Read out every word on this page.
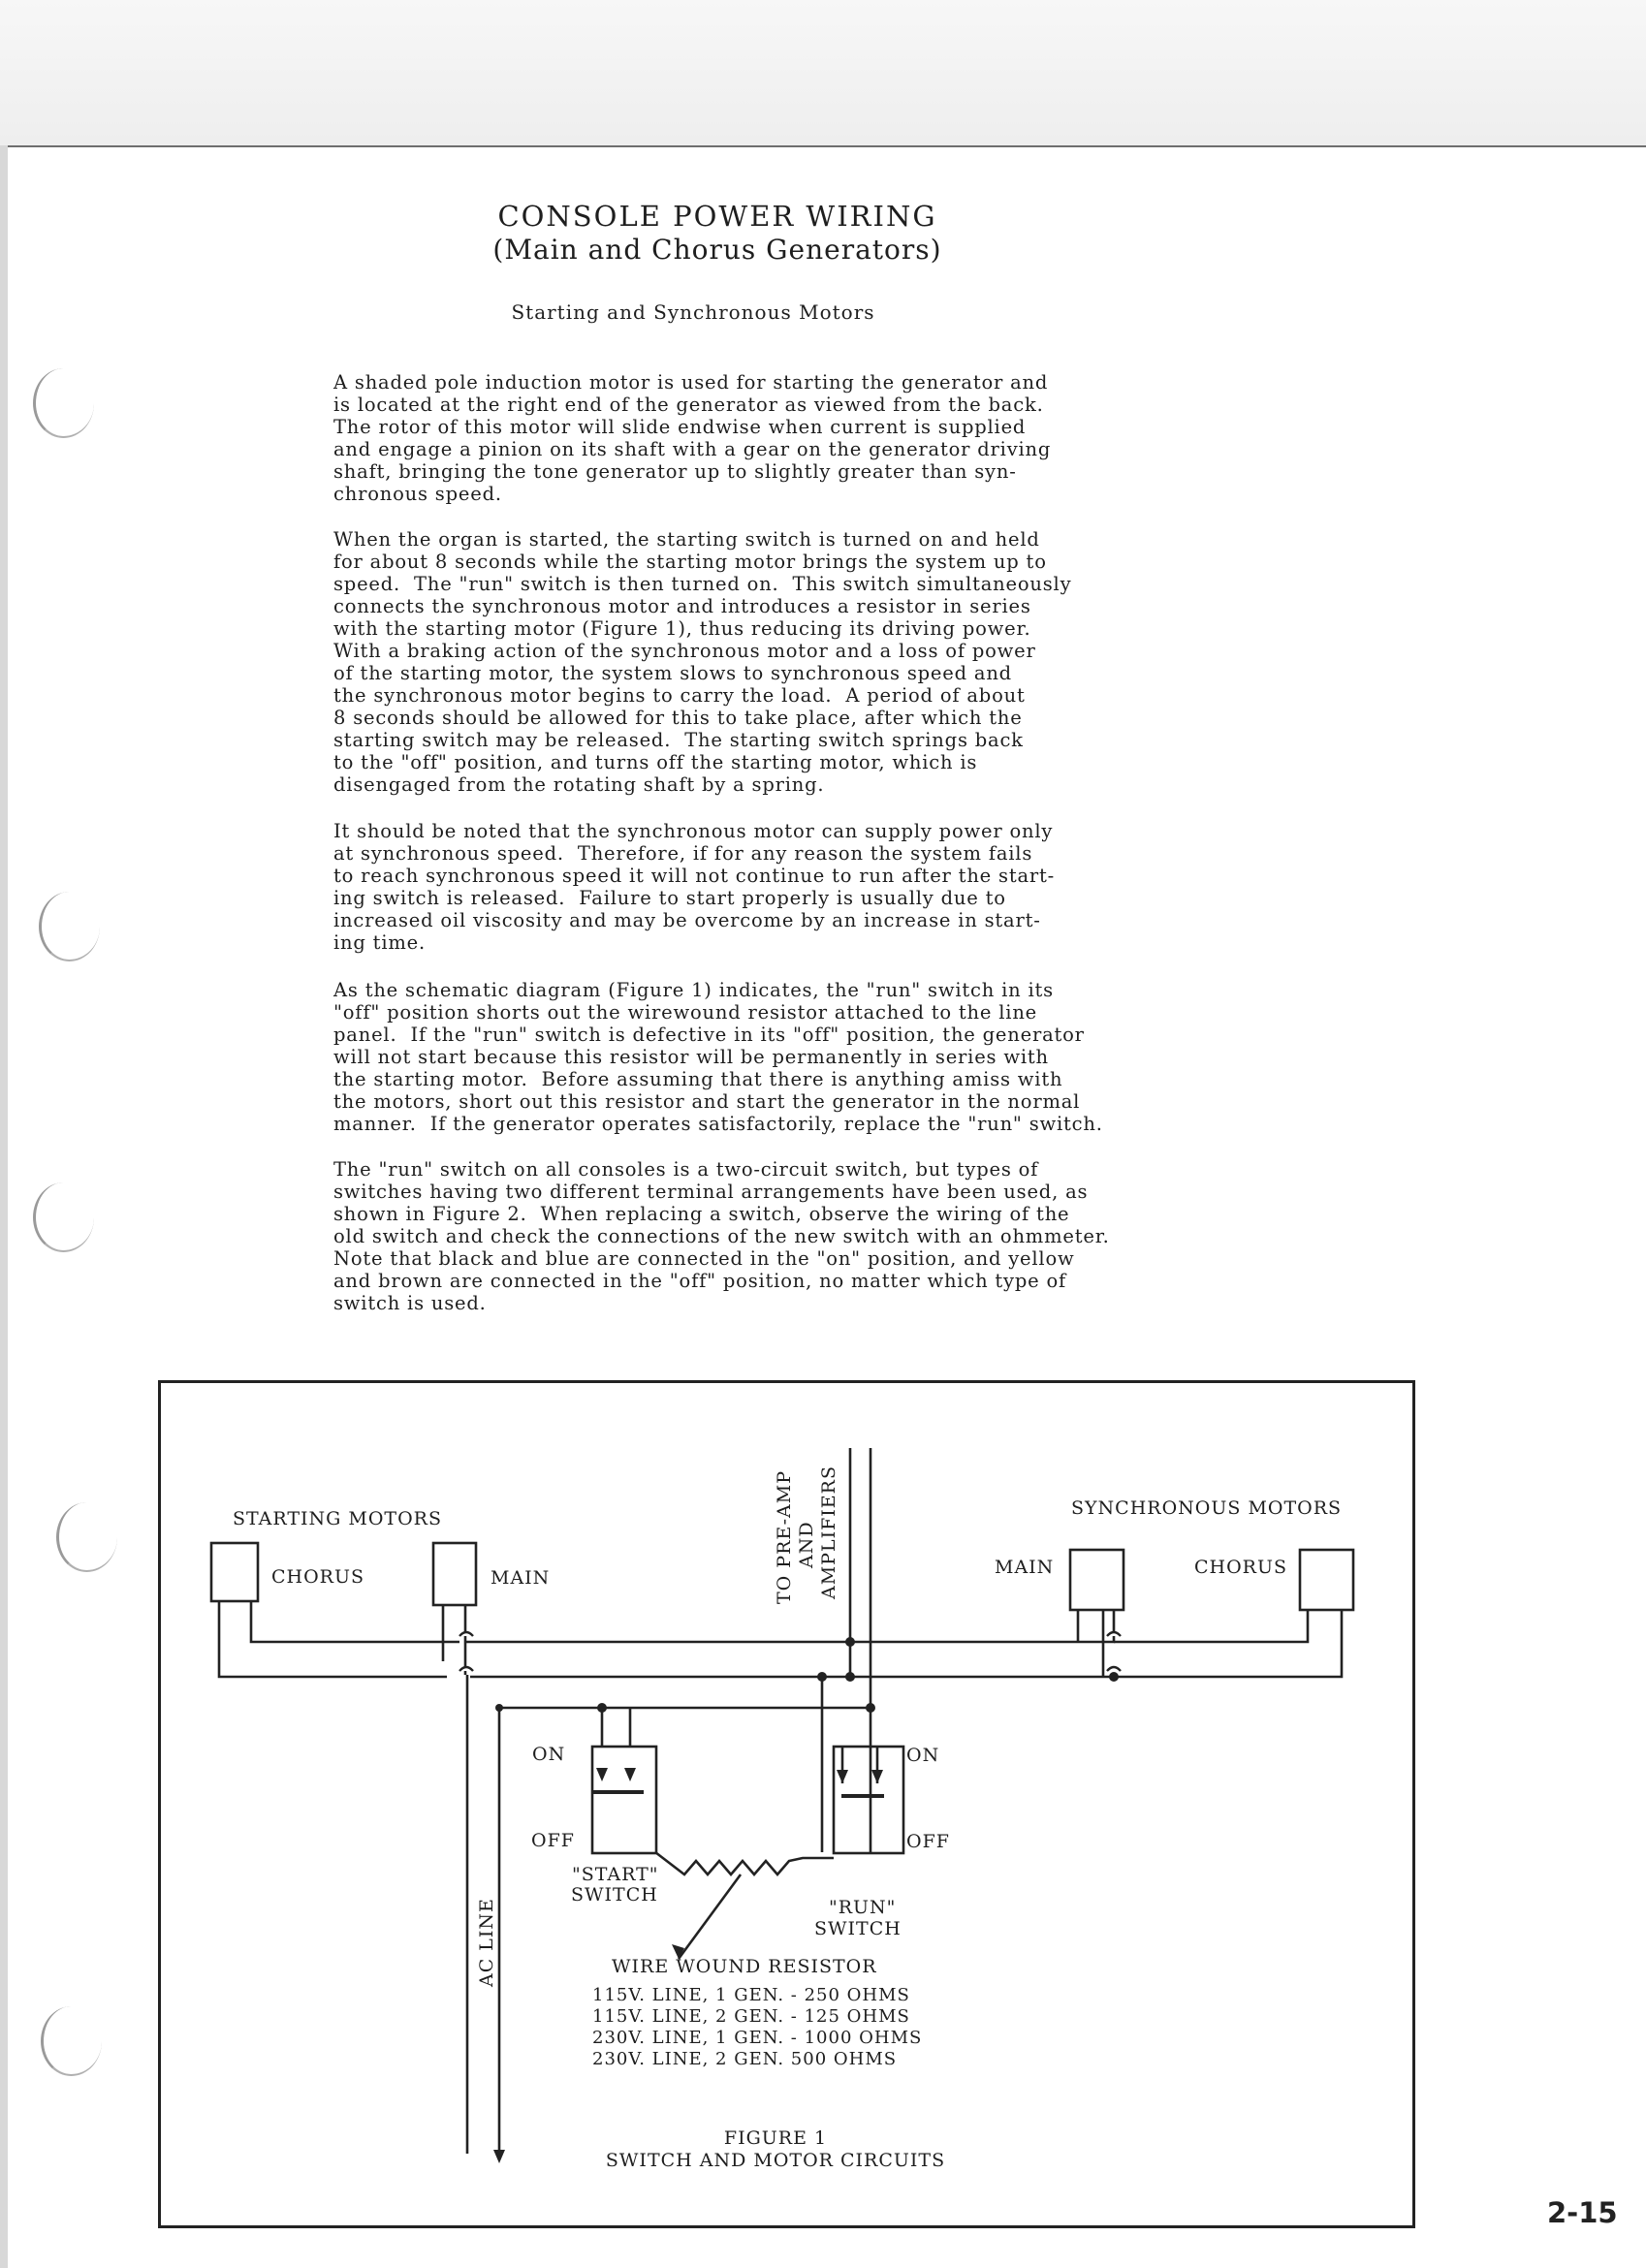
CONSOLE POWER WIRING
(Main and Chorus Generators)
Starting and Synchronous Motors

A shaded pole induction motor is used for starting the generator and
is located at the right end of the generator as viewed from the back.
The rotor of this motor will slide endwise when current is supplied
and engage a pinion on its shaft with a gear on the generator driving
shaft, bringing the tone generator up to slightly greater than syn-
chronous speed.

When the organ is started, the starting switch is turned on and held
for about 8 seconds while the starting motor brings the system up to
speed.  The "run" switch is then turned on.  This switch simultaneously
connects the synchronous motor and introduces a resistor in series
with the starting motor (Figure 1), thus reducing its driving power.
With a braking action of the synchronous motor and a loss of power
of the starting motor, the system slows to synchronous speed and
the synchronous motor begins to carry the load.  A period of about
8 seconds should be allowed for this to take place, after which the
starting switch may be released.  The starting switch springs back
to the "off" position, and turns off the starting motor, which is
disengaged from the rotating shaft by a spring.

It should be noted that the synchronous motor can supply power only
at synchronous speed.  Therefore, if for any reason the system fails
to reach synchronous speed it will not continue to run after the start-
ing switch is released.  Failure to start properly is usually due to
increased oil viscosity and may be overcome by an increase in start-
ing time.

As the schematic diagram (Figure 1) indicates, the "run" switch in its
"off" position shorts out the wirewound resistor attached to the line
panel.  If the "run" switch is defective in its "off" position, the generator
will not start because this resistor will be permanently in series with
the starting motor.  Before assuming that there is anything amiss with
the motors, short out this resistor and start the generator in the normal
manner.  If the generator operates satisfactorily, replace the "run" switch.

The "run" switch on all consoles is a two-circuit switch, but types of
switches having two different terminal arrangements have been used, as
shown in Figure 2.  When replacing a switch, observe the wiring of the
old switch and check the connections of the new switch with an ohmmeter.
Note that black and blue are connected in the "on" position, and yellow
and brown are connected in the "off" position, no matter which type of
switch is used.

STARTING MOTORS
CHORUS	MAIN
SYNCHRONOUS MOTORS
MAIN	CHORUS
TO PRE-AMP AND AMPLIFIERS
AC LINE
ON
OFF
"START"
SWITCH
ON
OFF
"RUN"
SWITCH
WIRE WOUND RESISTOR
115V. LINE, 1 GEN. - 250 OHMS
115V. LINE, 2 GEN. - 125 OHMS
230V. LINE, 1 GEN. - 1000 OHMS
230V. LINE, 2 GEN. 500 OHMS
FIGURE 1
SWITCH AND MOTOR CIRCUITS
2-15
